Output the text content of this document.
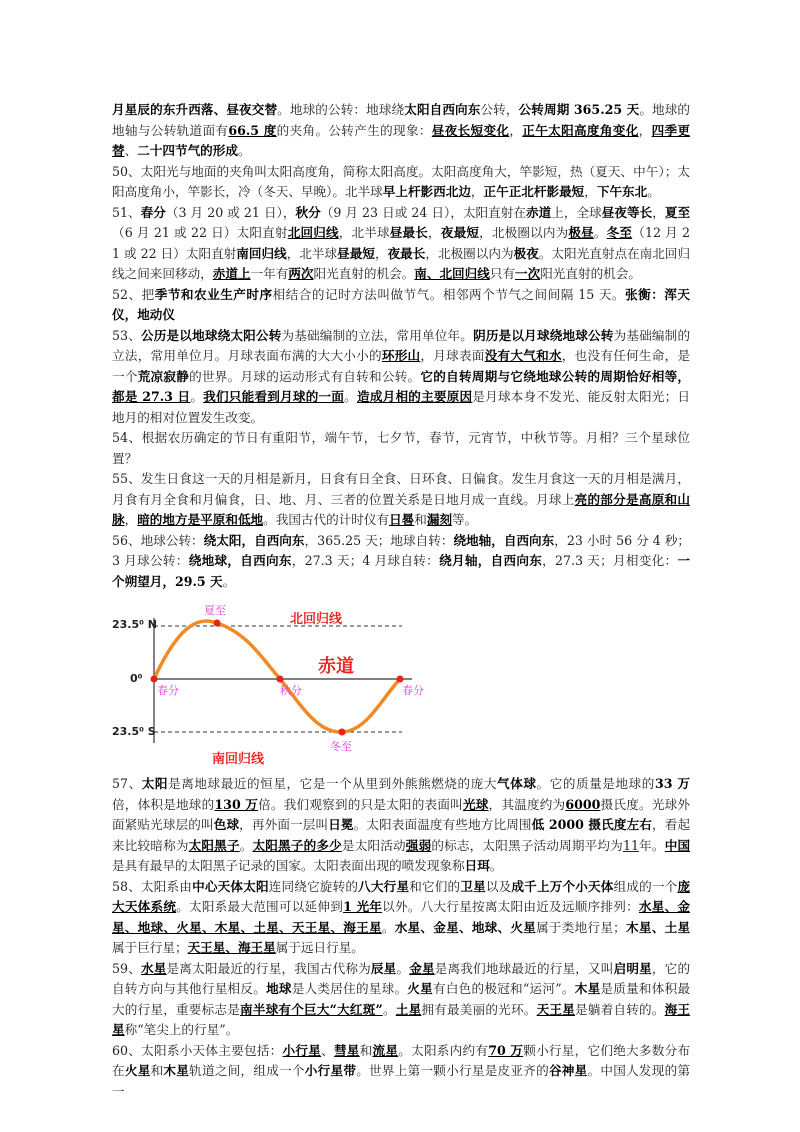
月星辰的东升西落、昼夜交替。地球的公转：地球绕太阳自西向东公转，公转周期 365.25 天。地球的地轴与公转轨道面有66.5 度的夹角。公转产生的现象：昼夜长短变化，正午太阳高度角变化，四季更替、二十四节气的形成。

50、太阳光与地面的夹角叫太阳高度角，简称太阳高度。太阳高度角大，竿影短，热（夏天、中午）；太阳高度角小，竿影长，冷（冬天、早晚）。北半球早上杆影西北边，正午正北杆影最短，下午东北。

51、春分（3 月 20 或 21 日），秋分（9 月 23 日或 24 日），太阳直射在赤道上，全球昼夜等长，夏至（6 月 21 或 22 日）太阳直射北回归线，北半球昼最长，夜最短，北极圈以内为极昼。冬至（12 月 21 或 22 日）太阳直射南回归线，北半球昼最短，夜最长，北极圈以内为极夜。太阳光直射点在南北回归线之间来回移动，赤道上一年有两次阳光直射的机会。南、北回归线只有一次阳光直射的机会。

52、把季节和农业生产时序相结合的记时方法叫做节气。相邻两个节气之间间隔 15 天。张衡：浑天仪，地动仪

53、公历是以地球绕太阳公转为基础编制的立法，常用单位年。阴历是以月球绕地球公转为基础编制的立法，常用单位月。月球表面布满的大大小小的环形山，月球表面没有大气和水，也没有任何生命，是一个荒凉寂静的世界。月球的运动形式有自转和公转。它的自转周期与它绕地球公转的周期恰好相等，都是 27.3 日。我们只能看到月球的一面。造成月相的主要原因是月球本身不发光、能反射太阳光；日地月的相对位置发生改变。

54、根据农历确定的节日有重阳节，端午节，七夕节，春节，元宵节，中秋节等。月相？三个星球位置？

55、发生日食这一天的月相是新月，日食有日全食、日环食、日偏食。发生月食这一天的月相是满月，月食有月全食和月偏食，日、地、月、三者的位置关系是日地月成一直线。月球上亮的部分是高原和山脉，暗的地方是平原和低地。我国古代的计时仪有日晷和漏刻等。

56、地球公转：绕太阳，自西向东，365.25 天；地球自转：绕地轴，自西向东，23 小时 56 分 4 秒；3 月球公转：绕地球，自西向东，27.3 天；4 月球自转：绕月轴，自西向东，27.3 天；月相变化：一个朔望月，29.5 天。

23.5⁰ N
0⁰
23.5⁰ S
夏至
冬至
春分	秋分	春分
北回归线
南回归线
赤道

57、太阳是离地球最近的恒星，它是一个从里到外熊熊燃烧的庞大气体球。它的质量是地球的33 万倍，体积是地球的130 万倍。我们观察到的只是太阳的表面叫光球，其温度约为6000摄氏度。光球外面紧贴光球层的叫色球，再外面一层叫日冕。太阳表面温度有些地方比周围低 2000 摄氏度左右，看起来比较暗称为太阳黑子。太阳黑子的多少是太阳活动强弱的标志，太阳黑子活动周期平均为11年。中国是具有最早的太阳黑子记录的国家。太阳表面出现的喷发现象称日珥。

58、太阳系由中心天体太阳连同绕它旋转的八大行星和它们的卫星以及成千上万个小天体组成的一个庞大天体系统。太阳系最大范围可以延伸到1 光年以外。八大行星按离太阳由近及远顺序排列：水星、金星、地球、火星、木星、土星、天王星、海王星。水星、金星、地球、火星属于类地行星；木星、土星属于巨行星；天王星、海王星属于远日行星。

59、水星是离太阳最近的行星，我国古代称为辰星。金星是离我们地球最近的行星，又叫启明星，它的自转方向与其他行星相反。地球是人类居住的星球。火星有白色的极冠和“运河”。木星是质量和体积最大的行星，重要标志是南半球有个巨大“大红斑”。土星拥有最美丽的光环。天王星是躺着自转的。海王星称“笔尖上的行星”。

60、太阳系小天体主要包括：小行星、彗星和流星。太阳系内约有70 万颗小行星，它们绝大多数分布在火星和木星轨道之间，组成一个小行星带。世界上第一颗小行星是皮亚齐的谷神星。中国人发现的第一
